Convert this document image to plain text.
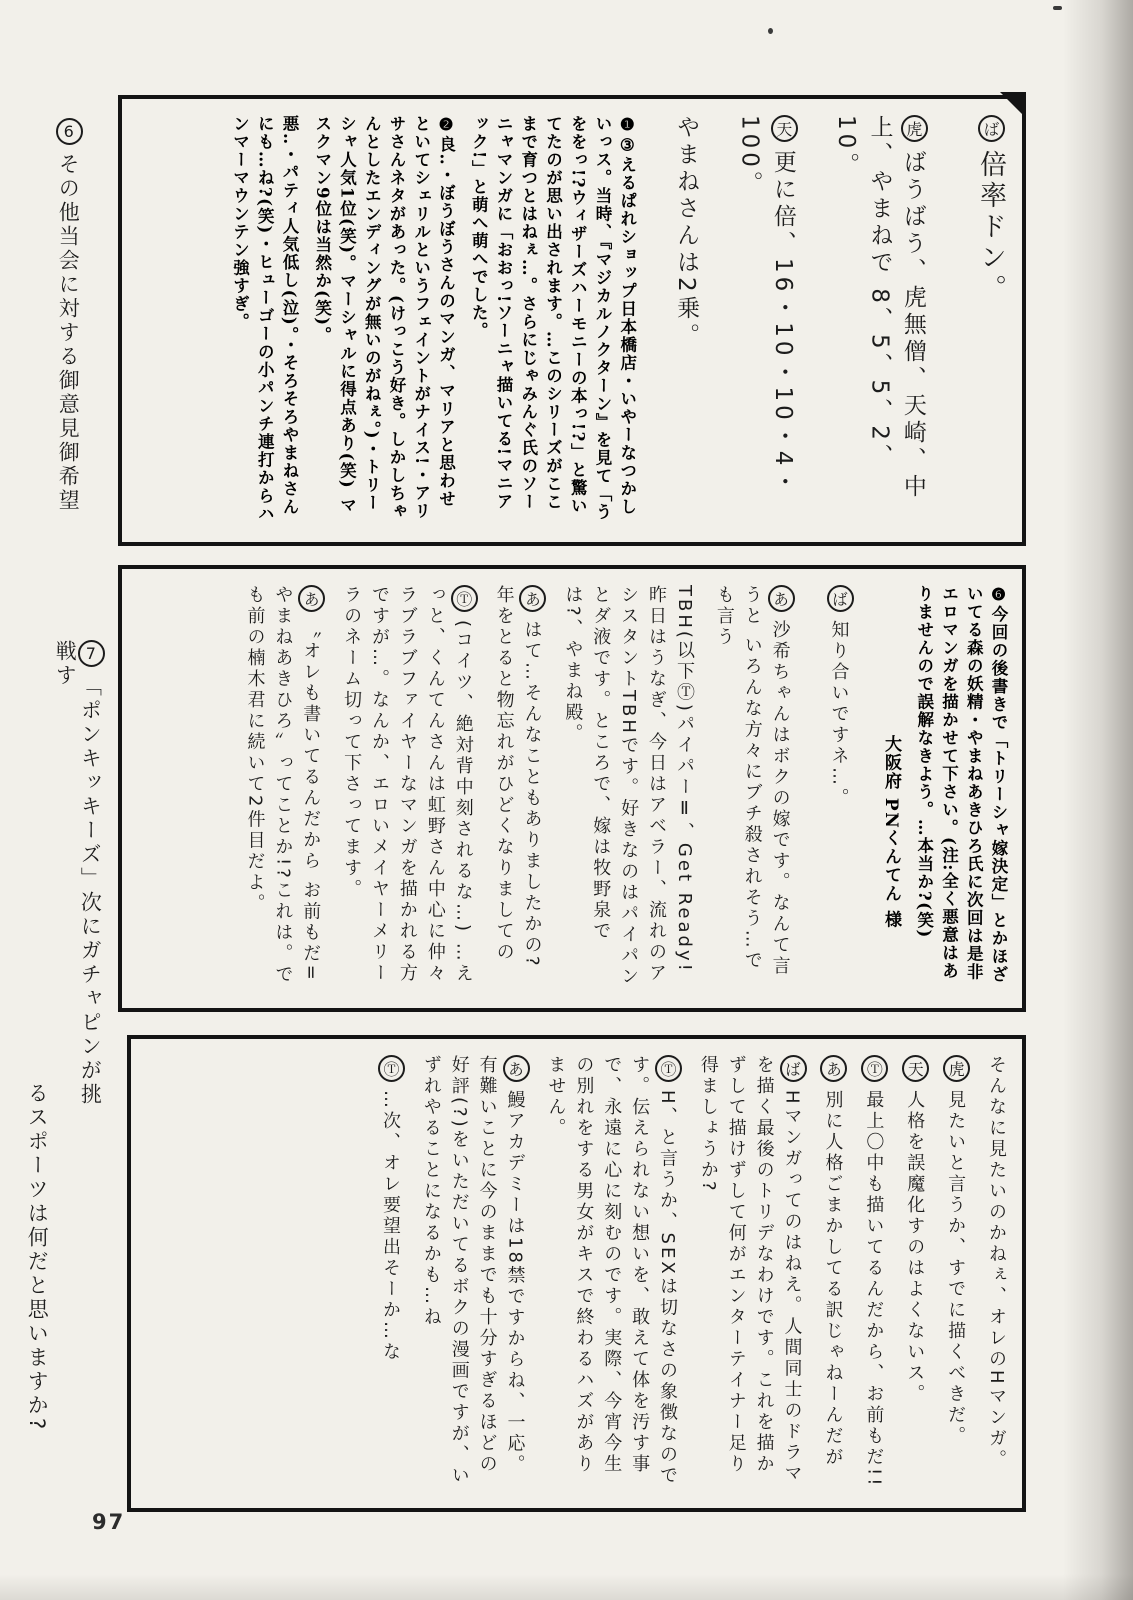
6その他当会に対する御意見御希望
7「ポンキッキーズ」次にガチャピンが挑戦す
るスポーツは何だと思いますか?

ば倍率ドン。

虎ばうばう、虎無僧、天崎、中上、やまねで 8、5、5、2、10。

天更に倍、16・10・10・4・100。

やまねさんは2乗。

❶③えるぱれショップ日本橋店・いやーなつかしいっス。当時、『マジカルノクターン』を見て「うををっ!?ウィザーズハーモニーの本っ!?」と驚いてたのが思い出されます。…このシリーズがここまで育つとはねぇ…。さらにじゃみんぐ氏のソーニャマンガに「おおっ!ソーニャ描いてる!マニアック!」と萌へ萌へでした。

❷良‥・ぼうぼうさんのマンガ、マリアと思わせといてシェリルというフェイントがナイス!・アリサさんネタがあった。(けっこう好き。しかしちゃんとしたエンディングが無いのがねぇ。)・トリーシャ人気1位(笑)。マーシャルに得点あり(笑) マスクマン9位は当然か(笑)。

悪‥・パティ人気低し(泣)。・そろそろやまねさんにも…ね?(笑)・ヒューゴーの小パンチ連打からハンマーマウンテン強すぎ。

❻今回の後書きで「トリーシャ嫁決定」とかほざいてる森の妖精・やまねあきひろ氏に次回は是非エロマンガを描かせて下さい。(注:全く悪意はありませんので誤解なきよう。…本当か?(笑)

大阪府 PNくんてん 様

ば知り合いですネ…。

あ沙希ちゃんはボクの嫁です。なんて言うと いろんな方々にブチ殺されそう…でも言う

TBH(以下Ⓣ)パイパーⅡ、Get Ready! 昨日はうなぎ、今日はアベラー、流れのアシスタントTBHです。好きなのはパイパンとダ液です。ところで、嫁は牧野泉では?、やまね殿。

あはて…そんなこともありましたかの? 年をとると物忘れがひどくなりましての

Ⓣ(コイツ、絶対背中刻されるな…) …えっと、くんてんさんは虹野さん中心に仲々ラブラブファイヤーなマンガを描かれる方ですが…。なんか、エロいメイヤーメリーラのネーム切って下さってます。

あ〝オレも書いてるんだから お前もだ=やまねあきひろ〟ってことか!?これは。でも前の楠木君に続いて2件目だよ。

そんなに見たいのかねぇ、オレのHマンガ。

虎見たいと言うか、すでに描くべきだ。

天人格を誤魔化すのはよくないス。

Ⓣ最上〇中も描いてるんだから、お前もだ!!

あ別に人格ごまかしてる訳じゃねーんだが

ばHマンガってのはねえ。人間同士のドラマを描く最後のトリデなわけです。これを描かずして描けずして何がエンターテイナー足り得ましょうか?

ⓉH、と言うか、SEXは切なさの象徴なのです。伝えられない想いを、敢えて体を汚す事で、永遠に心に刻むのです。実際、今宵今生の別れをする男女がキスで終わるハズがありません。

あ鰻アカデミーは18禁ですからね、一応。有難いことに今のままでも十分すぎるほどの好評(?)をいただいてるボクの漫画ですが、いずれやることになるかも…ね

Ⓣ…次、オレ要望出そーか…な

97
